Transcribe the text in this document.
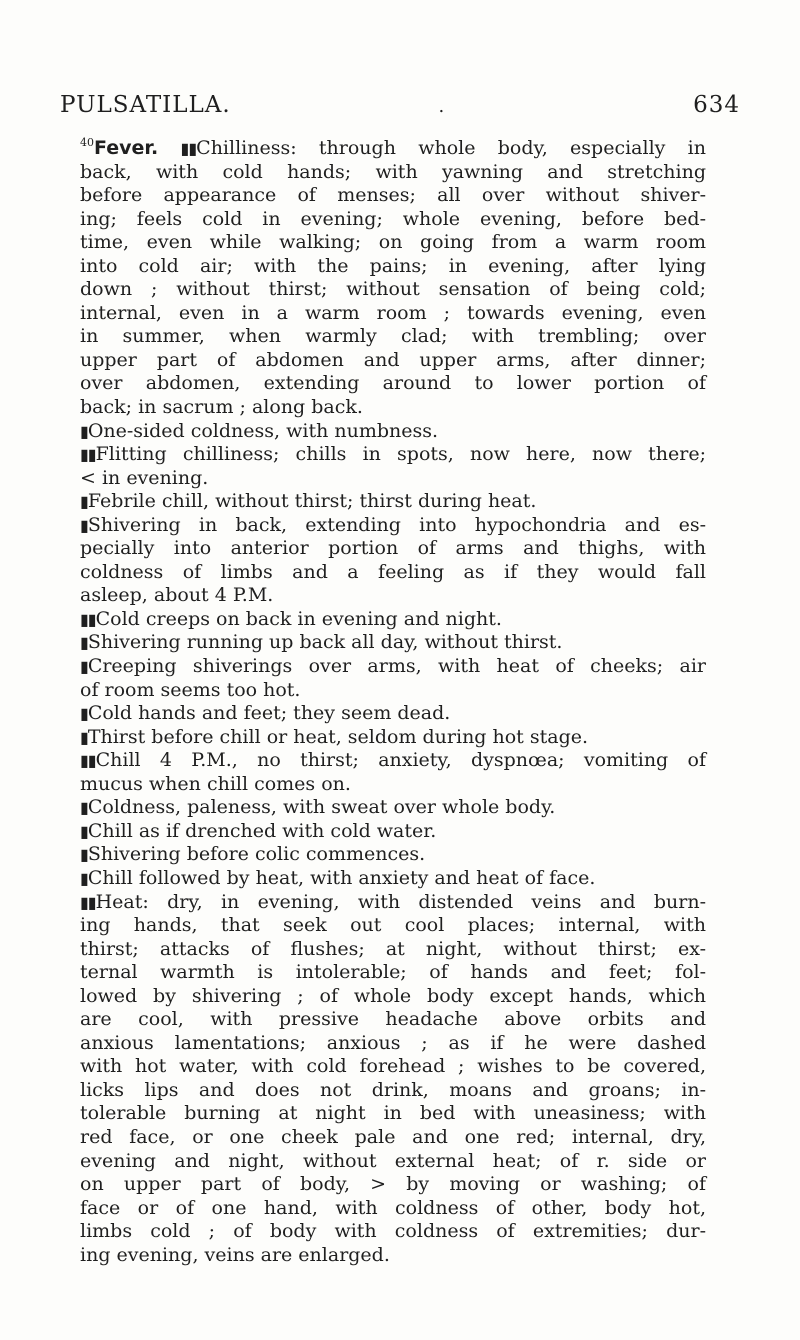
PULSATILLA.	.	634

$^{40}$Fever. ▮▮Chilliness: through whole body, especially in
back, with cold hands; with yawning and stretching
before appearance of menses; all over without shiver-
ing; feels cold in evening; whole evening, before bed-
time, even while walking; on going from a warm room
into cold air; with the pains; in evening, after lying
down ; without thirst; without sensation of being cold;
internal, even in a warm room ; towards evening, even
in summer, when warmly clad; with trembling; over
upper part of abdomen and upper arms, after dinner;
over abdomen, extending around to lower portion of
back; in sacrum ; along back.

▮One-sided coldness, with numbness.

▮▮Flitting chilliness; chills in spots, now here, now there;
< in evening.

▮Febrile chill, without thirst; thirst during heat.

▮Shivering in back, extending into hypochondria and es-
pecially into anterior portion of arms and thighs, with
coldness of limbs and a feeling as if they would fall
asleep, about 4 P.M.

▮▮Cold creeps on back in evening and night.

▮Shivering running up back all day, without thirst.

▮Creeping shiverings over arms, with heat of cheeks; air
of room seems too hot.

▮Cold hands and feet; they seem dead.

▮Thirst before chill or heat, seldom during hot stage.

▮▮Chill 4 P.M., no thirst; anxiety, dyspnœa; vomiting of
mucus when chill comes on.

▮Coldness, paleness, with sweat over whole body.

▮Chill as if drenched with cold water.

▮Shivering before colic commences.

▮Chill followed by heat, with anxiety and heat of face.

▮▮Heat: dry, in evening, with distended veins and burn-
ing hands, that seek out cool places; internal, with
thirst; attacks of flushes; at night, without thirst; ex-
ternal warmth is intolerable; of hands and feet; fol-
lowed by shivering ; of whole body except hands, which
are cool, with pressive headache above orbits and
anxious lamentations; anxious ; as if he were dashed
with hot water, with cold forehead ; wishes to be covered,
licks lips and does not drink, moans and groans; in-
tolerable burning at night in bed with uneasiness; with
red face, or one cheek pale and one red; internal, dry,
evening and night, without external heat; of r. side or
on upper part of body, > by moving or washing; of
face or of one hand, with coldness of other, body hot,
limbs cold ; of body with coldness of extremities; dur-
ing evening, veins are enlarged.
